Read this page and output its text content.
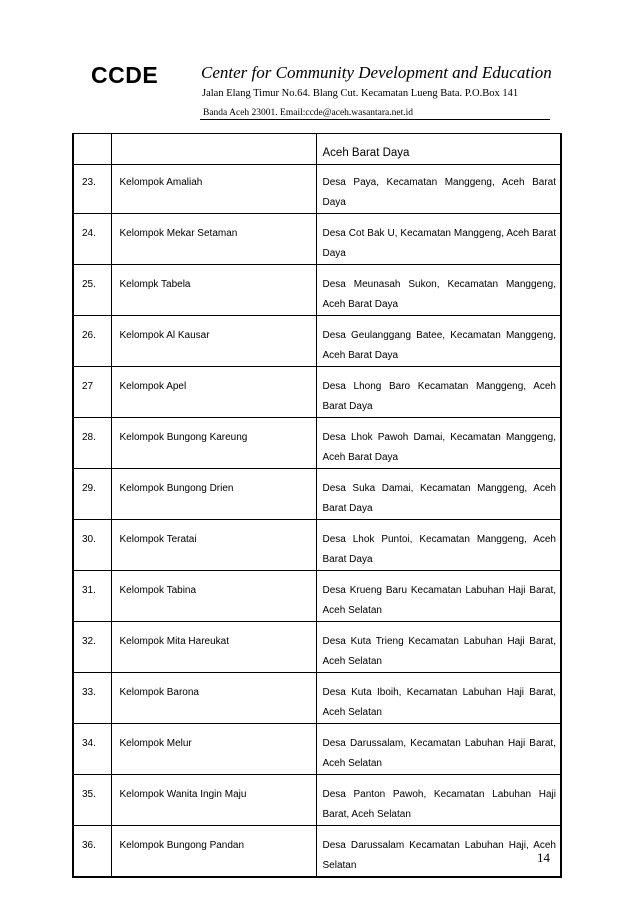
CCDE	Center for Community Development and Education
Jalan Elang Timur No.64. Blang Cut. Kecamatan Lueng Bata. P.O.Box 141
Banda Aceh 23001. Email:ccde@aceh.wasantara.net.id
		Aceh Barat Daya
23.	Kelompok Amaliah	Desa Paya, Kecamatan Manggeng, Aceh Barat Daya
24.	Kelompok Mekar Setaman	Desa Cot Bak U, Kecamatan Manggeng, Aceh Barat Daya
25.	Kelompk Tabela	Desa Meunasah Sukon, Kecamatan Manggeng, Aceh Barat Daya
26.	Kelompok Al Kausar	Desa Geulanggang Batee, Kecamatan Manggeng, Aceh Barat Daya
27	Kelompok Apel	Desa Lhong Baro Kecamatan Manggeng, Aceh Barat Daya
28.	Kelompok Bungong Kareung	Desa Lhok Pawoh Damai, Kecamatan Manggeng, Aceh Barat Daya
29.	Kelompok Bungong Drien	Desa Suka Damai, Kecamatan Manggeng, Aceh Barat Daya
30.	Kelompok Teratai	Desa Lhok Puntoi, Kecamatan Manggeng, Aceh Barat Daya
31.	Kelompok Tabina	Desa Krueng Baru Kecamatan Labuhan Haji Barat, Aceh Selatan
32.	Kelompok Mita Hareukat	Desa Kuta Trieng Kecamatan Labuhan Haji Barat, Aceh Selatan
33.	Kelompok Barona	Desa Kuta Iboih, Kecamatan Labuhan Haji Barat, Aceh Selatan
34.	Kelompok Melur	Desa Darussalam, Kecamatan Labuhan Haji Barat, Aceh Selatan
35.	Kelompok Wanita Ingin Maju	Desa Panton Pawoh, Kecamatan Labuhan Haji Barat, Aceh Selatan
36.	Kelompok Bungong Pandan	Desa Darussalam Kecamatan Labuhan Haji, Aceh Selatan
14
